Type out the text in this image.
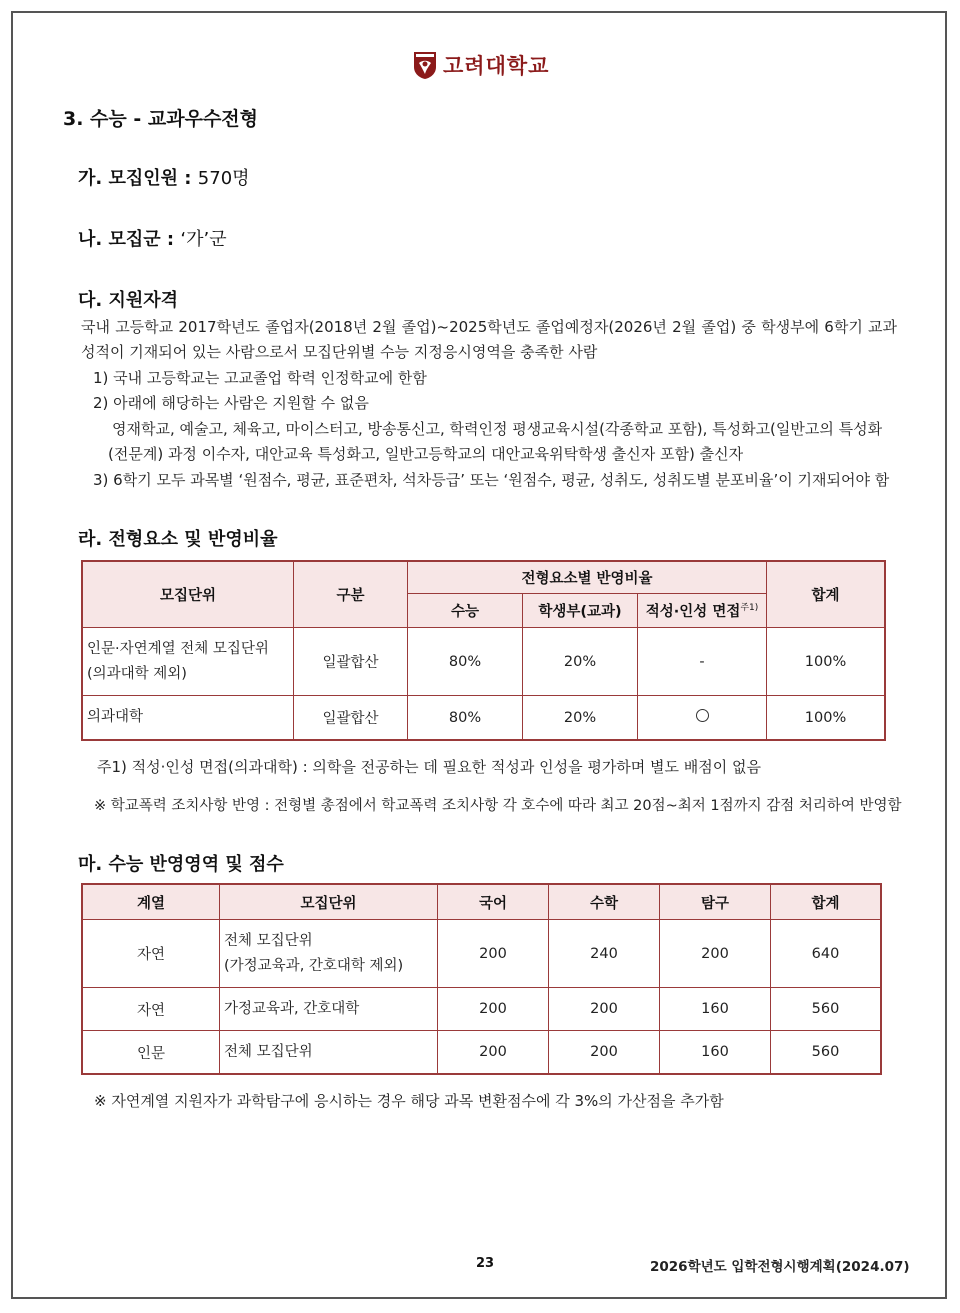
고려대학교
3. 수능 - 교과우수전형
가. 모집인원 : 570명
나. 모집군 : ‘가’군
다. 지원자격
국내 고등학교 2017학년도 졸업자(2018년 2월 졸업)~2025학년도 졸업예정자(2026년 2월 졸업) 중 학생부에 6학기 교과
성적이 기재되어 있는 사람으로서 모집단위별 수능 지정응시영역을 충족한 사람
1) 국내 고등학교는 고교졸업 학력 인정학교에 한함
2) 아래에 해당하는 사람은 지원할 수 없음
영재학교, 예술고, 체육고, 마이스터고, 방송통신고, 학력인정 평생교육시설(각종학교 포함), 특성화고(일반고의 특성화
(전문계) 과정 이수자, 대안교육 특성화고, 일반고등학교의 대안교육위탁학생 출신자 포함) 출신자
3) 6학기 모두 과목별 ‘원점수, 평균, 표준편차, 석차등급’ 또는 ‘원점수, 평균, 성취도, 성취도별 분포비율’이 기재되어야 함
라. 전형요소 및 반영비율
모집단위	구분	전형요소별 반영비율			합계
		수능	학생부(교과)	적성·인성 면접$^{주1)}$
인문·자연계열 전체 모집단위
(의과대학 제외)	일괄합산	80%	20%	-	100%
의과대학	일괄합산	80%	20%		100%
주1) 적성·인성 면접(의과대학) : 의학을 전공하는 데 필요한 적성과 인성을 평가하며 별도 배점이 없음
※ 학교폭력 조치사항 반영 : 전형별 총점에서 학교폭력 조치사항 각 호수에 따라 최고 20점~최저 1점까지 감점 처리하여 반영함
마. 수능 반영영역 및 점수
계열	모집단위	국어	수학	탐구	합계
자연	전체 모집단위
(가정교육과, 간호대학 제외)	200	240	200	640
자연	가정교육과, 간호대학	200	200	160	560
인문	전체 모집단위	200	200	160	560
※ 자연계열 지원자가 과학탐구에 응시하는 경우 해당 과목 변환점수에 각 3%의 가산점을 추가함
23	2026학년도 입학전형시행계획(2024.07)
